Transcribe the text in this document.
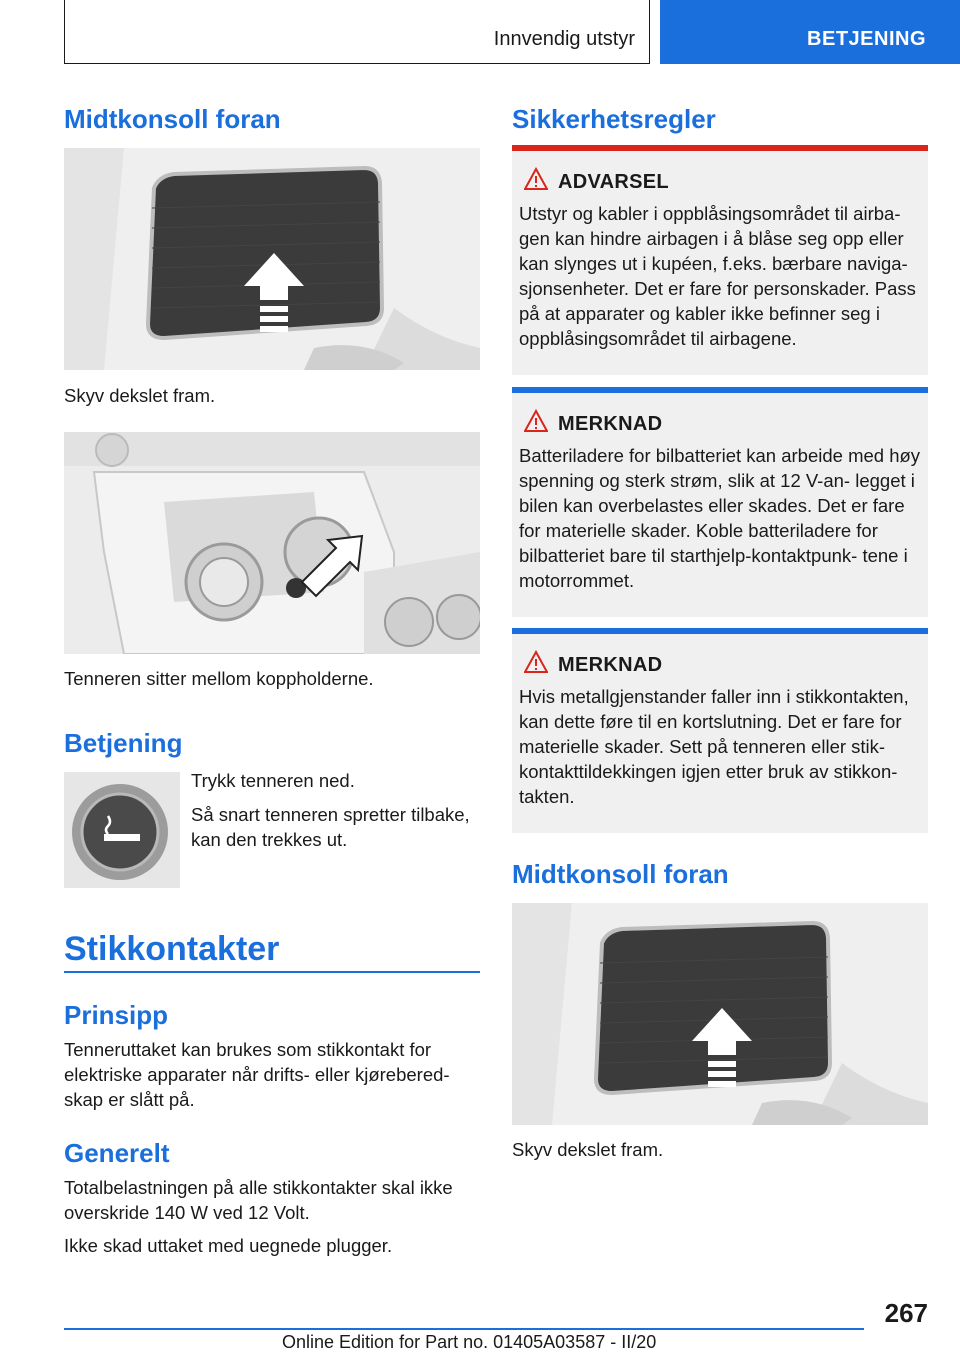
Innvendig utstyr	BETJENING
Midtkonsoll foran
Skyv dekslet fram.
Tenneren sitter mellom koppholderne.
Betjening
Trykk tenneren ned.
Så snart tenneren spretter tilbake, kan den trekkes ut.
Stikkontakter
Prinsipp
Tenneruttaket kan brukes som stikkontakt for elektriske apparater når drifts- eller kjørebered- skap er slått på.
Generelt
Totalbelastningen på alle stikkontakter skal ikke overskride 140 W ved 12 Volt.
Ikke skad uttaket med uegnede plugger.
Sikkerhetsregler
ADVARSEL
Utstyr og kabler i oppblåsingsområdet til airba- gen kan hindre airbagen i å blåse seg opp eller kan slynges ut i kupéen, f.eks. bærbare naviga- sjonsenheter. Det er fare for personskader. Pass på at apparater og kabler ikke befinner seg i oppblåsingsområdet til airbagene.
MERKNAD
Batteriladere for bilbatteriet kan arbeide med høy spenning og sterk strøm, slik at 12 V-an- legget i bilen kan overbelastes eller skades. Det er fare for materielle skader. Koble batteriladere for bilbatteriet bare til starthjelp-kontaktpunk- tene i motorrommet.
MERKNAD
Hvis metallgjenstander faller inn i stikkontakten, kan dette føre til en kortslutning. Det er fare for materielle skader. Sett på tenneren eller stik- kontakttildekkingen igjen etter bruk av stikkon- takten.
Midtkonsoll foran
Skyv dekslet fram.
267
Online Edition for Part no. 01405A03587 - II/20
